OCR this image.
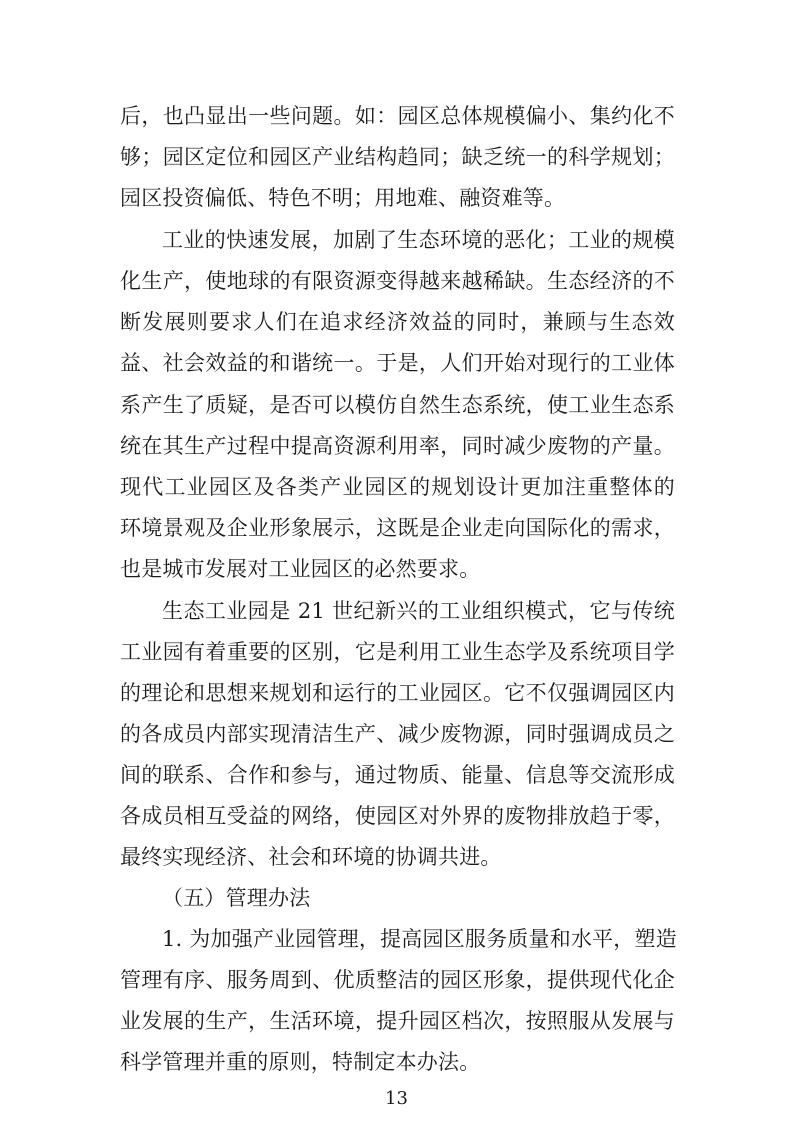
后，也凸显出一些问题。如：园区总体规模偏小、集约化不
够；园区定位和园区产业结构趋同；缺乏统一的科学规划；
园区投资偏低、特色不明；用地难、融资难等。
工业的快速发展，加剧了生态环境的恶化；工业的规模
化生产，使地球的有限资源变得越来越稀缺。生态经济的不
断发展则要求人们在追求经济效益的同时，兼顾与生态效
益、社会效益的和谐统一。于是，人们开始对现行的工业体
系产生了质疑，是否可以模仿自然生态系统，使工业生态系
统在其生产过程中提高资源利用率，同时减少废物的产量。
现代工业园区及各类产业园区的规划设计更加注重整体的
环境景观及企业形象展示，这既是企业走向国际化的需求，
也是城市发展对工业园区的必然要求。
生态工业园是 21 世纪新兴的工业组织模式，它与传统
工业园有着重要的区别，它是利用工业生态学及系统项目学
的理论和思想来规划和运行的工业园区。它不仅强调园区内
的各成员内部实现清洁生产、减少废物源，同时强调成员之
间的联系、合作和参与，通过物质、能量、信息等交流形成
各成员相互受益的网络，使园区对外界的废物排放趋于零，
最终实现经济、社会和环境的协调共进。
（五）管理办法
1. 为加强产业园管理，提高园区服务质量和水平，塑造
管理有序、服务周到、优质整洁的园区形象，提供现代化企
业发展的生产，生活环境，提升园区档次，按照服从发展与
科学管理并重的原则，特制定本办法。
13
